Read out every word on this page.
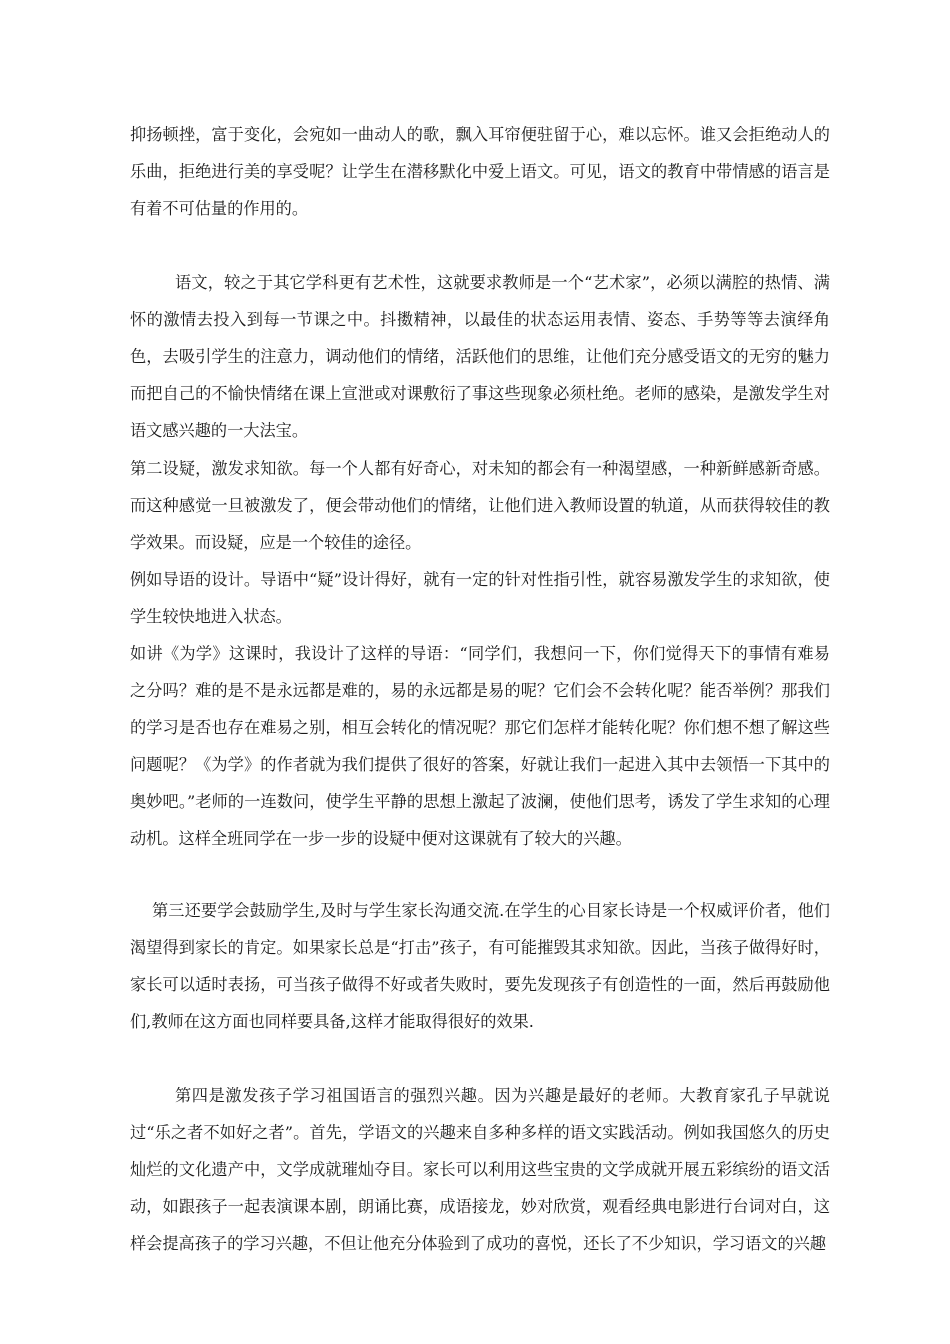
抑扬顿挫，富于变化，会宛如一曲动人的歌，飘入耳帘便驻留于心，难以忘怀。谁又会拒绝动人的乐曲，拒绝进行美的享受呢？让学生在潜移默化中爱上语文。可见，语文的教育中带情感的语言是有着不可估量的作用的。

语文，较之于其它学科更有艺术性，这就要求教师是一个“艺术家”，必须以满腔的热情、满怀的激情去投入到每一节课之中。抖擞精神，以最佳的状态运用表情、姿态、手势等等去演绎角色，去吸引学生的注意力，调动他们的情绪，活跃他们的思维，让他们充分感受语文的无穷的魅力而把自己的不愉快情绪在课上宣泄或对课敷衍了事这些现象必须杜绝。老师的感染，是激发学生对语文感兴趣的一大法宝。

第二设疑，激发求知欲。每一个人都有好奇心，对未知的都会有一种渴望感，一种新鲜感新奇感。而这种感觉一旦被激发了，便会带动他们的情绪，让他们进入教师设置的轨道，从而获得较佳的教学效果。而设疑，应是一个较佳的途径。

例如导语的设计。导语中“疑”设计得好，就有一定的针对性指引性，就容易激发学生的求知欲，使学生较快地进入状态。

如讲《为学》这课时，我设计了这样的导语：“同学们，我想问一下，你们觉得天下的事情有难易之分吗？难的是不是永远都是难的，易的永远都是易的呢？它们会不会转化呢？能否举例？那我们的学习是否也存在难易之别，相互会转化的情况呢？那它们怎样才能转化呢？你们想不想了解这些问题呢？《为学》的作者就为我们提供了很好的答案，好就让我们一起进入其中去领悟一下其中的奥妙吧。”老师的一连数问，使学生平静的思想上激起了波澜，使他们思考，诱发了学生求知的心理动机。这样全班同学在一步一步的设疑中便对这课就有了较大的兴趣。

第三还要学会鼓励学生,及时与学生家长沟通交流.在学生的心目家长诗是一个权威评价者，他们渴望得到家长的肯定。如果家长总是“打击”孩子，有可能摧毁其求知欲。因此，当孩子做得好时，家长可以适时表扬，可当孩子做得不好或者失败时，要先发现孩子有创造性的一面，然后再鼓励他们,教师在这方面也同样要具备,这样才能取得很好的效果.

第四是激发孩子学习祖国语言的强烈兴趣。因为兴趣是最好的老师。大教育家孔子早就说过“乐之者不如好之者”。首先，学语文的兴趣来自多种多样的语文实践活动。例如我国悠久的历史灿烂的文化遗产中，文学成就璀灿夺目。家长可以利用这些宝贵的文学成就开展五彩缤纷的语文活动，如跟孩子一起表演课本剧，朗诵比赛，成语接龙，妙对欣赏，观看经典电影进行台词对白，这样会提高孩子的学习兴趣，不但让他充分体验到了成功的喜悦，还长了不少知识，学习语文的兴趣
